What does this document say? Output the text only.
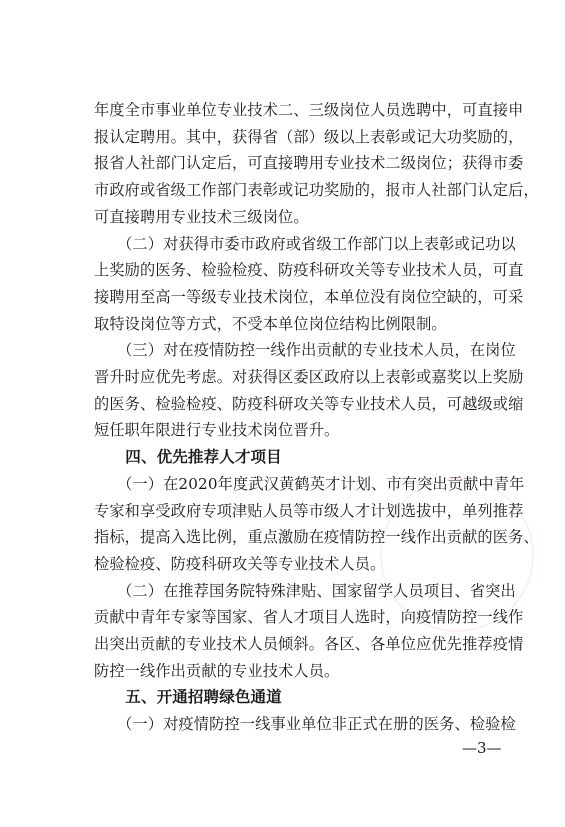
年度全市事业单位专业技术二、三级岗位人员选聘中，可直接申
报认定聘用。其中，获得省（部）级以上表彰或记大功奖励的，
报省人社部门认定后，可直接聘用专业技术二级岗位；获得市委
市政府或省级工作部门表彰或记功奖励的，报市人社部门认定后，
可直接聘用专业技术三级岗位。
　　（二）对获得市委市政府或省级工作部门以上表彰或记功以
上奖励的医务、检验检疫、防疫科研攻关等专业技术人员，可直
接聘用至高一等级专业技术岗位，本单位没有岗位空缺的，可采
取特设岗位等方式，不受本单位岗位结构比例限制。
　　（三）对在疫情防控一线作出贡献的专业技术人员，在岗位
晋升时应优先考虑。对获得区委区政府以上表彰或嘉奖以上奖励
的医务、检验检疫、防疫科研攻关等专业技术人员，可越级或缩
短任职年限进行专业技术岗位晋升。
　　四、优先推荐人才项目
　　（一）在2020年度武汉黄鹤英才计划、市有突出贡献中青年
专家和享受政府专项津贴人员等市级人才计划选拔中，单列推荐
指标，提高入选比例，重点激励在疫情防控一线作出贡献的医务、
检验检疫、防疫科研攻关等专业技术人员。
　　（二）在推荐国务院特殊津贴、国家留学人员项目、省突出
贡献中青年专家等国家、省人才项目人选时，向疫情防控一线作
出突出贡献的专业技术人员倾斜。各区、各单位应优先推荐疫情
防控一线作出贡献的专业技术人员。
　　五、开通招聘绿色通道
　　（一）对疫情防控一线事业单位非正式在册的医务、检验检
—3—
